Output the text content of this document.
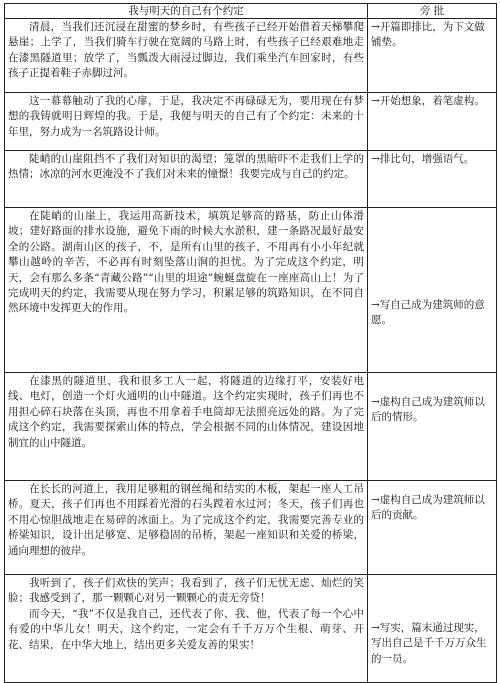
我与明天的自己有个约定	旁 批

清晨，当我们还沉浸在甜蜜的梦乡时，有些孩子已经开始借着天梯攀爬悬崖；上学了，当我们骑车行驶在宽阔的马路上时，有些孩子已经艰难地走在漆黑隧道里；放学了，当瓢泼大雨浸过脚边，我们乘坐汽车回家时，有些孩子正提着鞋子赤脚过河。	→开篇即排比，为下文做铺垫。

这一幕幕触动了我的心扉，于是，我决定不再碌碌无为，要用现在有梦想的我铸就明日辉煌的我。于是，我便与明天的自己有了个约定：未来的十年里，努力成为一名筑路设计师。	→开始想象，着笔虚构。

陡峭的山崖阻挡不了我们对知识的渴望；笼罩的黑暗吓不走我们上学的热情；冰凉的河水更淹没不了我们对未来的憧憬！我要完成与自己的约定。	→排比句，增强语气。

在陡峭的山崖上，我运用高新技术，填筑足够高的路基，防止山体滑坡；建好路面的排水设施，避免下雨的时候大水淤积，建一条路况最好最安全的公路。湖南山区的孩子，不，是所有山里的孩子，不用再有小小年纪就攀山越岭的辛苦，不必再有时刻坠落山涧的担忧。为了完成这个约定，明天，会有那么多条“青藏公路”“山里的坦途”蜿蜒盘旋在一座座高山上！为了完成明天的约定，我需要从现在努力学习，积累足够的筑路知识，在不同自然环境中发挥更大的作用。	→写自己成为建筑师的意愿。

在漆黑的隧道里，我和很多工人一起，将隧道的边缘打平，安装好电线、电灯，创造一个灯火通明的山中隧道。这个约定实现时，孩子们再也不用担心碎石块落在头顶，再也不用拿着手电筒却无法照亮远处的路。为了完成这个约定，我需要探索山体的特点，学会根据不同的山体情况，建设因地制宜的山中隧道。	→虚构自己成为建筑师以后的情形。

在长长的河道上，我用足够粗的钢丝绳和结实的木板，架起一座人工吊桥。夏天，孩子们再也不用踩着光滑的石头蹚着水过河；冬天，孩子们再也不用心惊胆战地走在易碎的冰面上。为了完成这个约定，我需要完善专业的桥梁知识，设计出足够宽、足够稳固的吊桥，架起一座知识和关爱的桥梁，通向理想的彼岸。	→虚构自己成为建筑师以后的贡献。

我听到了，孩子们欢快的笑声；我看到了，孩子们无忧无虑、灿烂的笑脸；我感受到了，那一颗颗心对另一颗颗心的责无旁贷！

而今天，“我”不仅是我自己，还代表了你、我、他，代表了每一个心中有爱的中华儿女！明天，这个约定，一定会有千千万万个生根、萌芽、开花、结果，在中华大地上，结出更多关爱友善的果实！	→写实，篇末通过现实，写出自己是千千万万众生的一员。
